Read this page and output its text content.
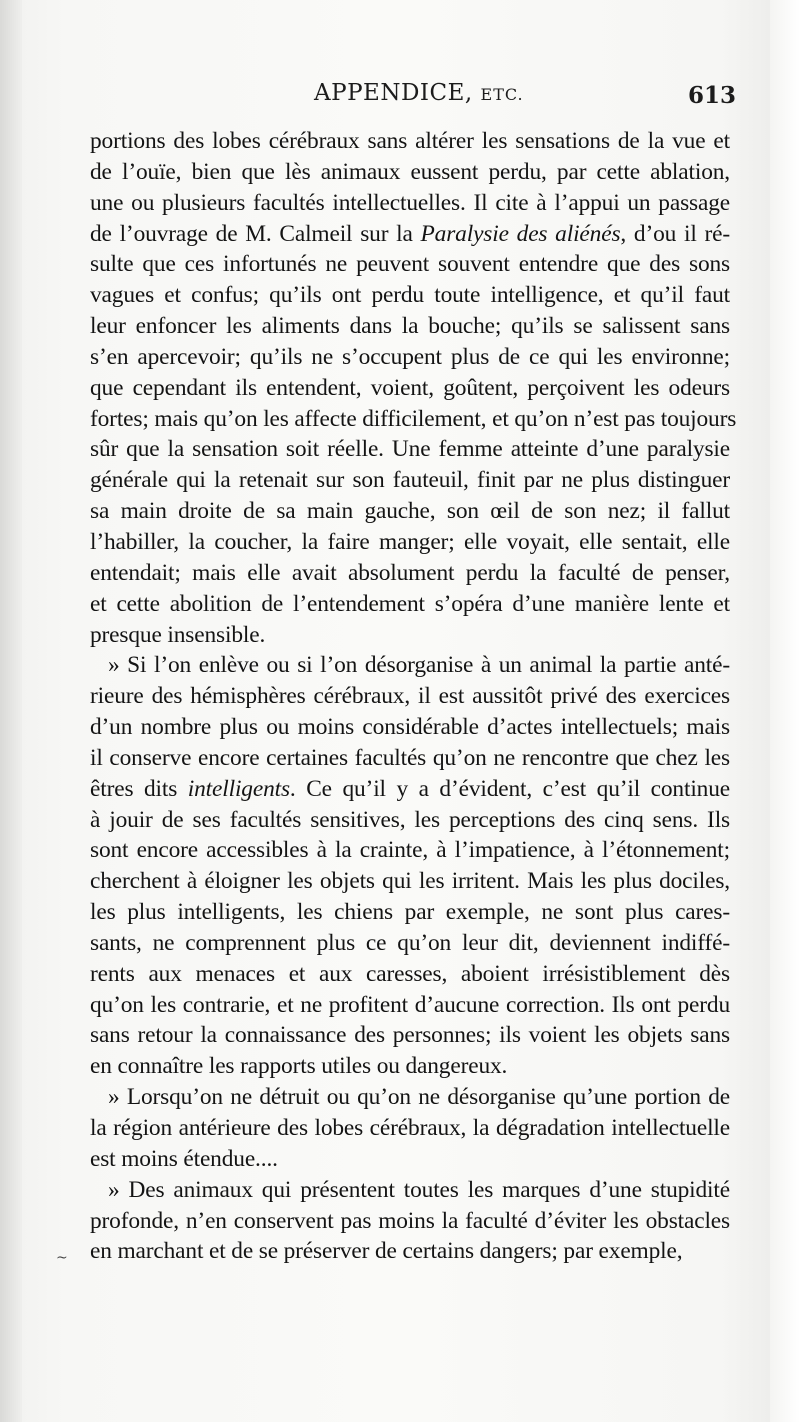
APPENDICE, ETC.	613
portions des lobes cérébraux sans altérer les sensations de la vue et
de l’ouïe, bien que lès animaux eussent perdu, par cette ablation,
une ou plusieurs facultés intellectuelles. Il cite à l’appui un passage
de l’ouvrage de M. Calmeil sur la Paralysie des aliénés, d’ou il ré-
sulte que ces infortunés ne peuvent souvent entendre que des sons
vagues et confus; qu’ils ont perdu toute intelligence, et qu’il faut
leur enfoncer les aliments dans la bouche; qu’ils se salissent sans
s’en apercevoir; qu’ils ne s’occupent plus de ce qui les environne;
que cependant ils entendent, voient, goûtent, perçoivent les odeurs
fortes; mais qu’on les affecte difficilement, et qu’on n’est pas toujours
sûr que la sensation soit réelle. Une femme atteinte d’une paralysie
générale qui la retenait sur son fauteuil, finit par ne plus distinguer
sa main droite de sa main gauche, son œil de son nez; il fallut
l’habiller, la coucher, la faire manger; elle voyait, elle sentait, elle
entendait; mais elle avait absolument perdu la faculté de penser,
et cette abolition de l’entendement s’opéra d’une manière lente et
presque insensible.
» Si l’on enlève ou si l’on désorganise à un animal la partie anté-
rieure des hémisphères cérébraux, il est aussitôt privé des exercices
d’un nombre plus ou moins considérable d’actes intellectuels; mais
il conserve encore certaines facultés qu’on ne rencontre que chez les
êtres dits intelligents. Ce qu’il y a d’évident, c’est qu’il continue
à jouir de ses facultés sensitives, les perceptions des cinq sens. Ils
sont encore accessibles à la crainte, à l’impatience, à l’étonnement;
cherchent à éloigner les objets qui les irritent. Mais les plus dociles,
les plus intelligents, les chiens par exemple, ne sont plus cares-
sants, ne comprennent plus ce qu’on leur dit, deviennent indiffé-
rents aux menaces et aux caresses, aboient irrésistiblement dès
qu’on les contrarie, et ne profitent d’aucune correction. Ils ont perdu
sans retour la connaissance des personnes; ils voient les objets sans
en connaître les rapports utiles ou dangereux.
» Lorsqu’on ne détruit ou qu’on ne désorganise qu’une portion de
la région antérieure des lobes cérébraux, la dégradation intellectuelle
est moins étendue....
» Des animaux qui présentent toutes les marques d’une stupidité
profonde, n’en conservent pas moins la faculté d’éviter les obstacles
en marchant et de se préserver de certains dangers; par exemple,
~
